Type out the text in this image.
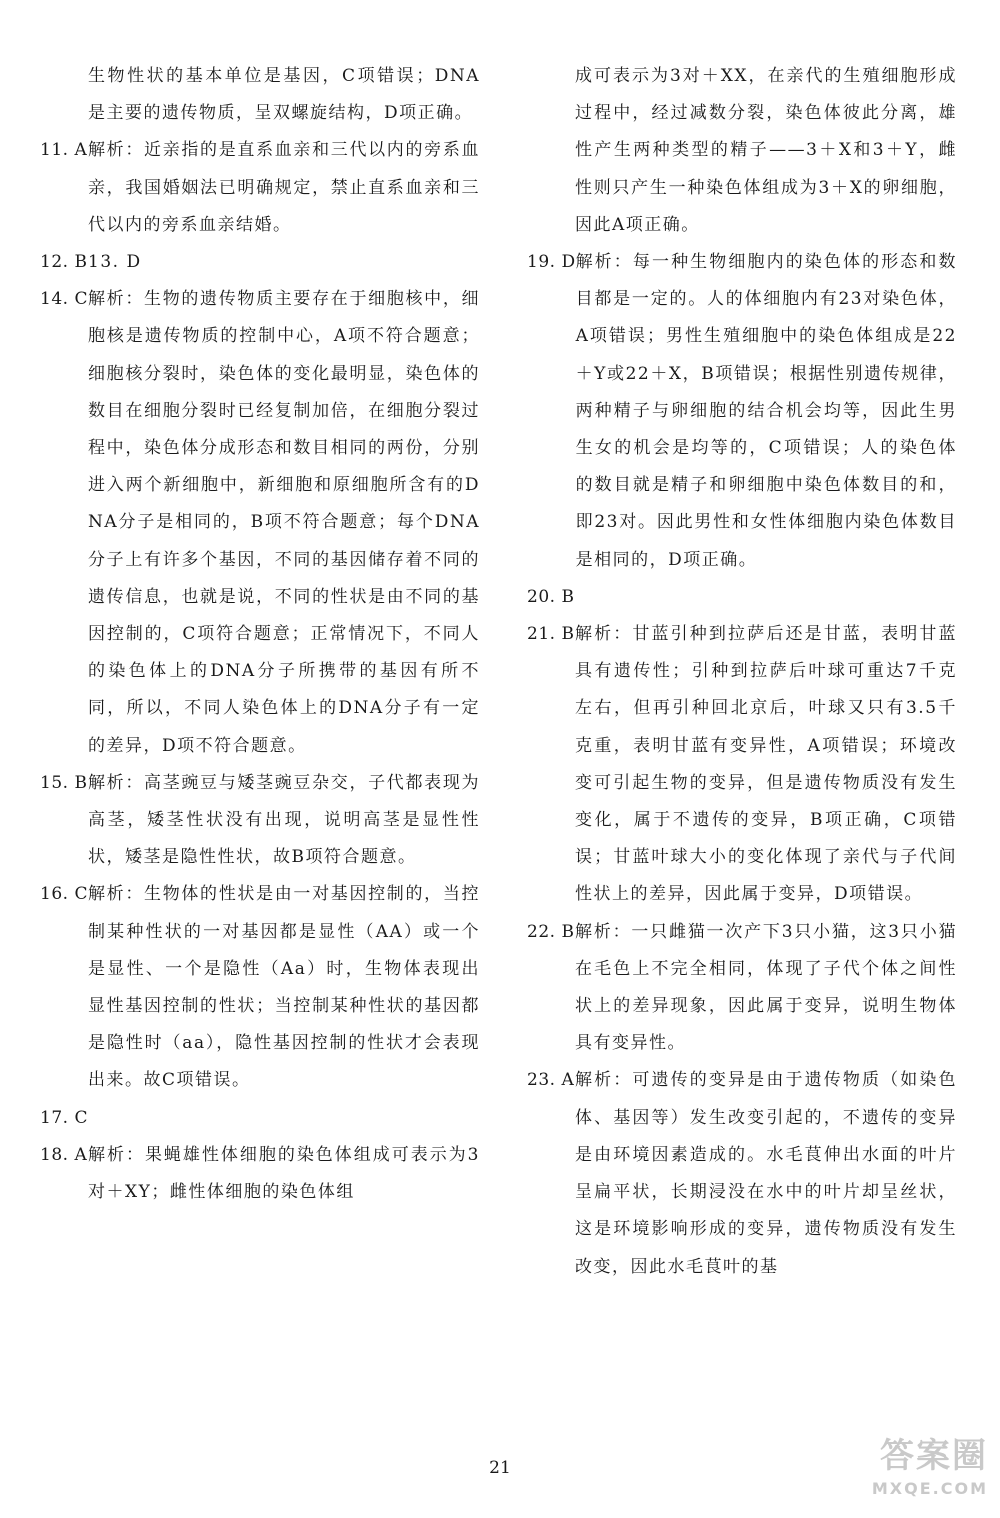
生物性状的基本单位是基因，C项错误；DNA是主要的遗传物质，呈双螺旋结构，D项正确。
11. A 解析：近亲指的是直系血亲和三代以内的旁系血亲，我国婚姻法已明确规定，禁止直系血亲和三代以内的旁系血亲结婚。
12. B 13. D
14. C 解析：生物的遗传物质主要存在于细胞核中，细胞核是遗传物质的控制中心，A项不符合题意；细胞核分裂时，染色体的变化最明显，染色体的数目在细胞分裂时已经复制加倍，在细胞分裂过程中，染色体分成形态和数目相同的两份，分别进入两个新细胞中，新细胞和原细胞所含有的DNA分子是相同的，B项不符合题意；每个DNA分子上有许多个基因，不同的基因储存着不同的遗传信息，也就是说，不同的性状是由不同的基因控制的，C项符合题意；正常情况下，不同人的染色体上的DNA分子所携带的基因有所不同，所以，不同人染色体上的DNA分子有一定的差异，D项不符合题意。
15. B 解析：高茎豌豆与矮茎豌豆杂交，子代都表现为高茎，矮茎性状没有出现，说明高茎是显性性状，矮茎是隐性性状，故B项符合题意。
16. C 解析：生物体的性状是由一对基因控制的，当控制某种性状的一对基因都是显性（AA）或一个是显性、一个是隐性（Aa）时，生物体表现出显性基因控制的性状；当控制某种性状的基因都是隐性时（aa），隐性基因控制的性状才会表现出来。故C项错误。
17. C
18. A 解析：果蝇雄性体细胞的染色体组成可表示为3对＋XY；雌性体细胞的染色体组
成可表示为3对＋XX，在亲代的生殖细胞形成过程中，经过减数分裂，染色体彼此分离，雄性产生两种类型的精子——3＋X和3＋Y，雌性则只产生一种染色体组成为3＋X的卵细胞，因此A项正确。
19. D 解析：每一种生物细胞内的染色体的形态和数目都是一定的。人的体细胞内有23对染色体，A项错误；男性生殖细胞中的染色体组成是22＋Y或22＋X，B项错误；根据性别遗传规律，两种精子与卵细胞的结合机会均等，因此生男生女的机会是均等的，C项错误；人的染色体的数目就是精子和卵细胞中染色体数目的和，即23对。因此男性和女性体细胞内染色体数目是相同的，D项正确。
20. B
21. B 解析：甘蓝引种到拉萨后还是甘蓝，表明甘蓝具有遗传性；引种到拉萨后叶球可重达7千克左右，但再引种回北京后，叶球又只有3.5千克重，表明甘蓝有变异性，A项错误；环境改变可引起生物的变异，但是遗传物质没有发生变化，属于不遗传的变异，B项正确，C项错误；甘蓝叶球大小的变化体现了亲代与子代间性状上的差异，因此属于变异，D项错误。
22. B 解析：一只雌猫一次产下3只小猫，这3只小猫在毛色上不完全相同，体现了子代个体之间性状上的差异现象，因此属于变异，说明生物体具有变异性。
23. A 解析：可遗传的变异是由于遗传物质（如染色体、基因等）发生改变引起的，不遗传的变异是由环境因素造成的。水毛茛伸出水面的叶片呈扁平状，长期浸没在水中的叶片却呈丝状，这是环境影响形成的变异，遗传物质没有发生改变，因此水毛茛叶的基
21	答案圈
MXQE.COM
